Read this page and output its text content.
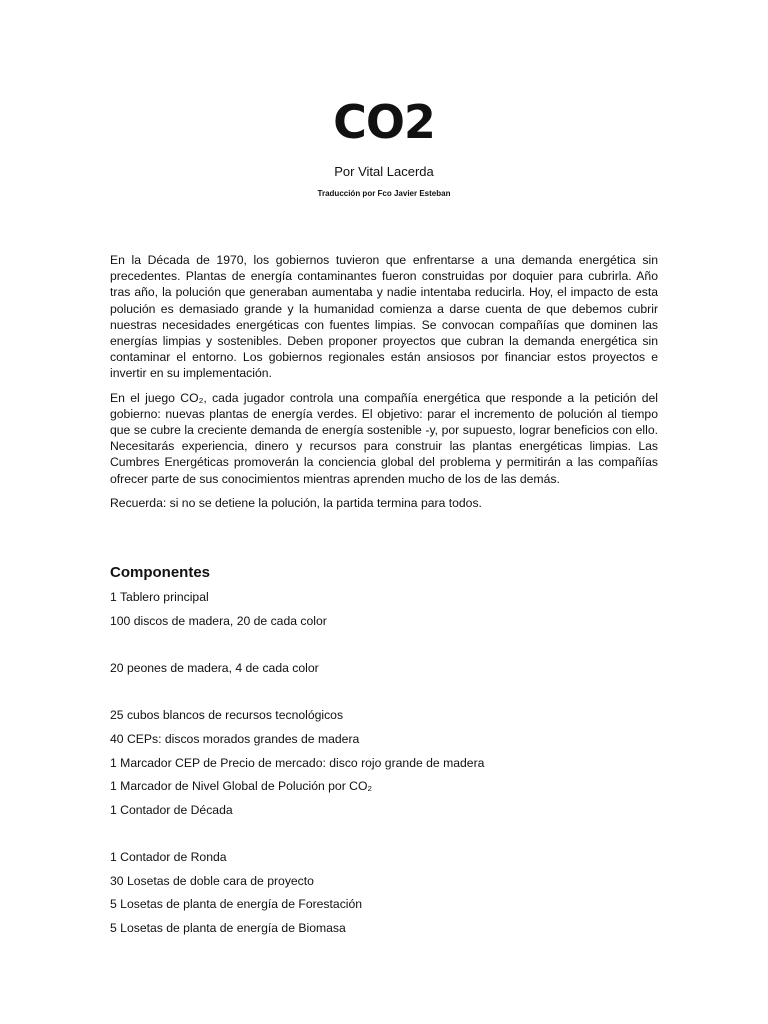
CO2
Por Vital Lacerda
Traducción por Fco Javier Esteban

En la Década de 1970, los gobiernos tuvieron que enfrentarse a una demanda energética sin precedentes. Plantas de energía contaminantes fueron construidas por doquier para cubrirla. Año tras año, la polución que generaban aumentaba y nadie intentaba reducirla. Hoy, el impacto de esta polución es demasiado grande y la humanidad comienza a darse cuenta de que debemos cubrir nuestras necesidades energéticas con fuentes limpias. Se convocan compañías que dominen las energías limpias y sostenibles. Deben proponer proyectos que cubran la demanda energética sin contaminar el entorno. Los gobiernos regionales están ansiosos por financiar estos proyectos e invertir en su implementación.

En el juego CO₂, cada jugador controla una compañía energética que responde a la petición del gobierno: nuevas plantas de energía verdes. El objetivo: parar el incremento de polución al tiempo que se cubre la creciente demanda de energía sostenible -y, por supuesto, lograr beneficios con ello. Necesitarás experiencia, dinero y recursos para construir las plantas energéticas limpias. Las Cumbres Energéticas promoverán la conciencia global del problema y permitirán a las compañías ofrecer parte de sus conocimientos mientras aprenden mucho de los de las demás.

Recuerda: si no se detiene la polución, la partida termina para todos.

Componentes
1 Tablero principal
100 discos de madera, 20 de cada color
20 peones de madera, 4 de cada color
25 cubos blancos de recursos tecnológicos
40 CEPs: discos morados grandes de madera
1 Marcador CEP de Precio de mercado: disco rojo grande de madera
1 Marcador de Nivel Global de Polución por CO₂
1 Contador de Década
1 Contador de Ronda
30 Losetas de doble cara de proyecto
5 Losetas de planta de energía de Forestación
5 Losetas de planta de energía de Biomasa
